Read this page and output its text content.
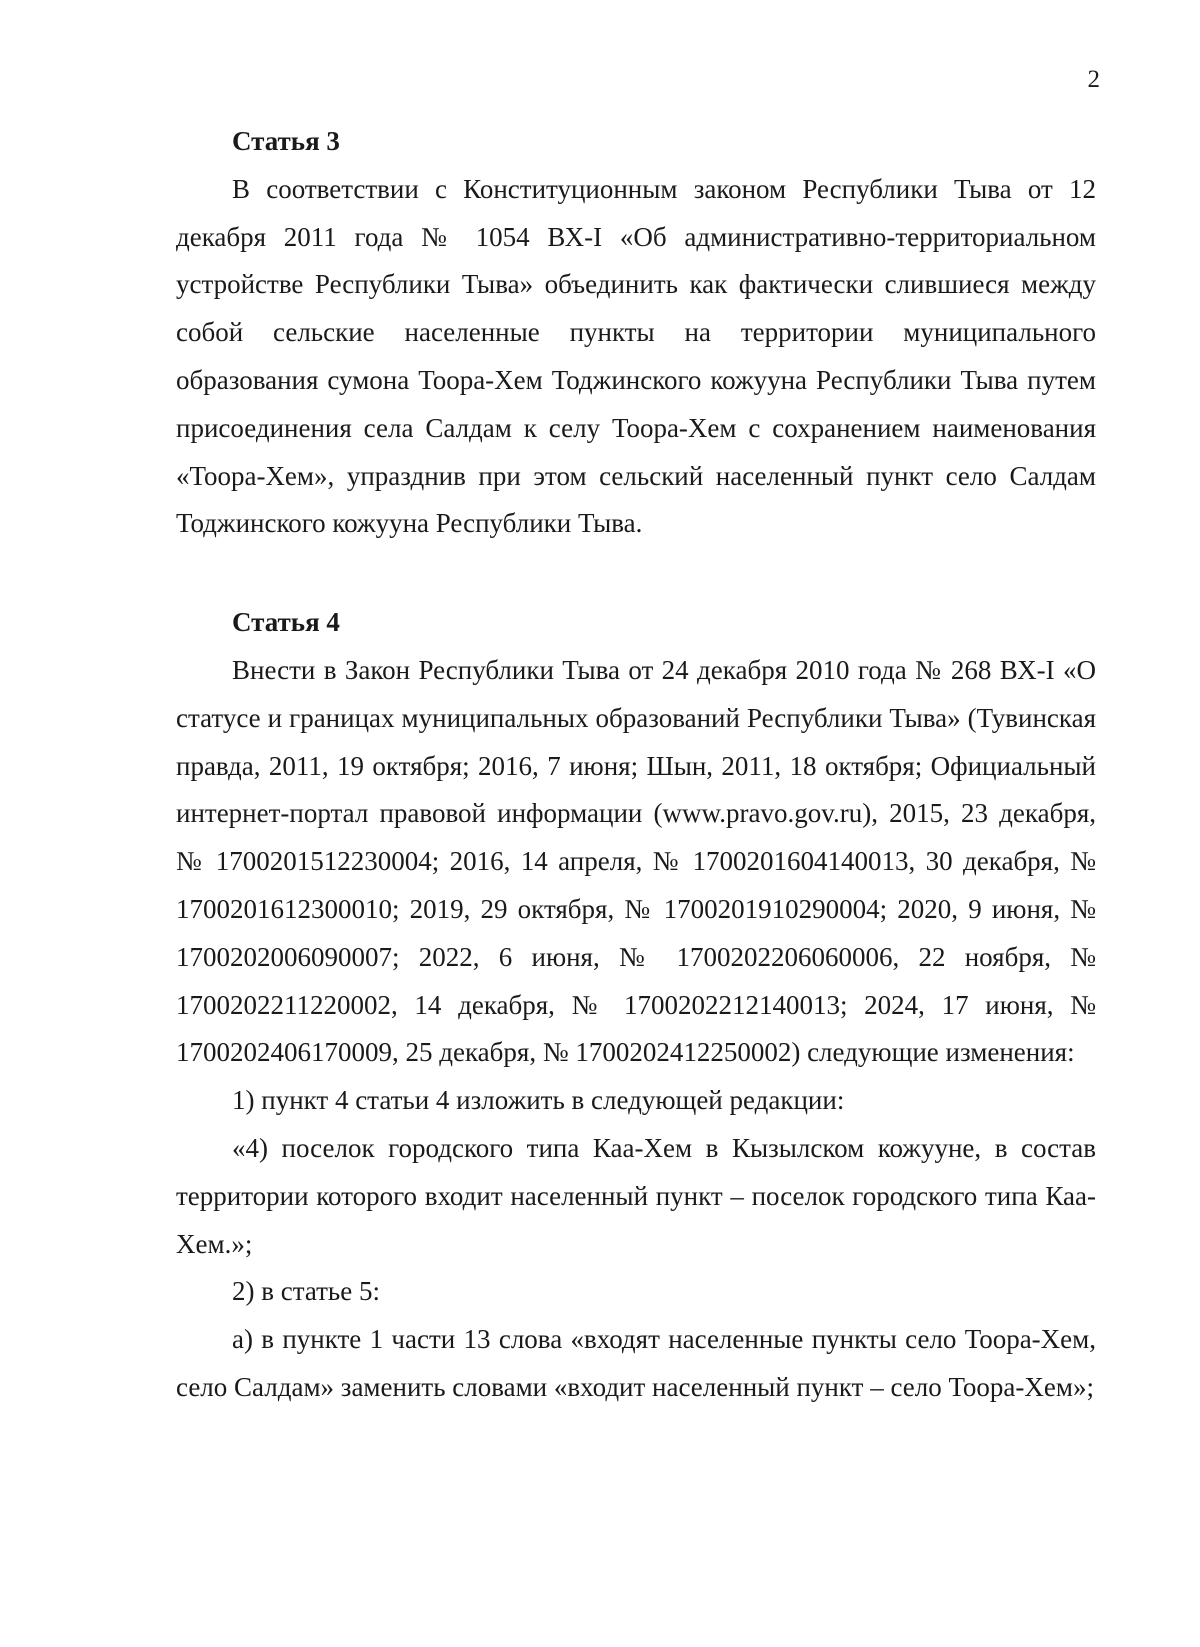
2

Статья 3

В соответствии с Конституционным законом Республики Тыва от 12 декабря 2011 года № 1054 ВХ-I «Об административно-территориальном устройстве Республики Тыва» объединить как фактически слившиеся между собой сельские населенные пункты на территории муниципального образования сумона Тоора-Хем Тоджинского кожууна Республики Тыва путем присоединения села Салдам к селу Тоора-Хем с сохранением наименования «Тоора-Хем», упразднив при этом сельский населенный пункт село Салдам Тоджинского кожууна Республики Тыва.

Статья 4

Внести в Закон Республики Тыва от 24 декабря 2010 года № 268 ВХ-I «О статусе и границах муниципальных образований Республики Тыва» (Тувинская правда, 2011, 19 октября; 2016, 7 июня; Шын, 2011, 18 октября; Официальный интернет-портал правовой информации (www.pravo.gov.ru), 2015, 23 декабря, № 1700201512230004; 2016, 14 апреля, № 1700201604140013, 30 декабря, № 1700201612300010; 2019, 29 октября, № 1700201910290004; 2020, 9 июня, № 1700202006090007; 2022, 6 июня, № 1700202206060006, 22 ноября, № 1700202211220002, 14 декабря, № 1700202212140013; 2024, 17 июня, № 1700202406170009, 25 декабря, № 1700202412250002) следующие изменения:

1) пункт 4 статьи 4 изложить в следующей редакции:

«4) поселок городского типа Каа-Хем в Кызылском кожууне, в состав территории которого входит населенный пункт – поселок городского типа Каа-Хем.»;

2) в статье 5:

а) в пункте 1 части 13 слова «входят населенные пункты село Тоора-Хем, село Салдам» заменить словами «входит населенный пункт – село Тоора-Хем»;
